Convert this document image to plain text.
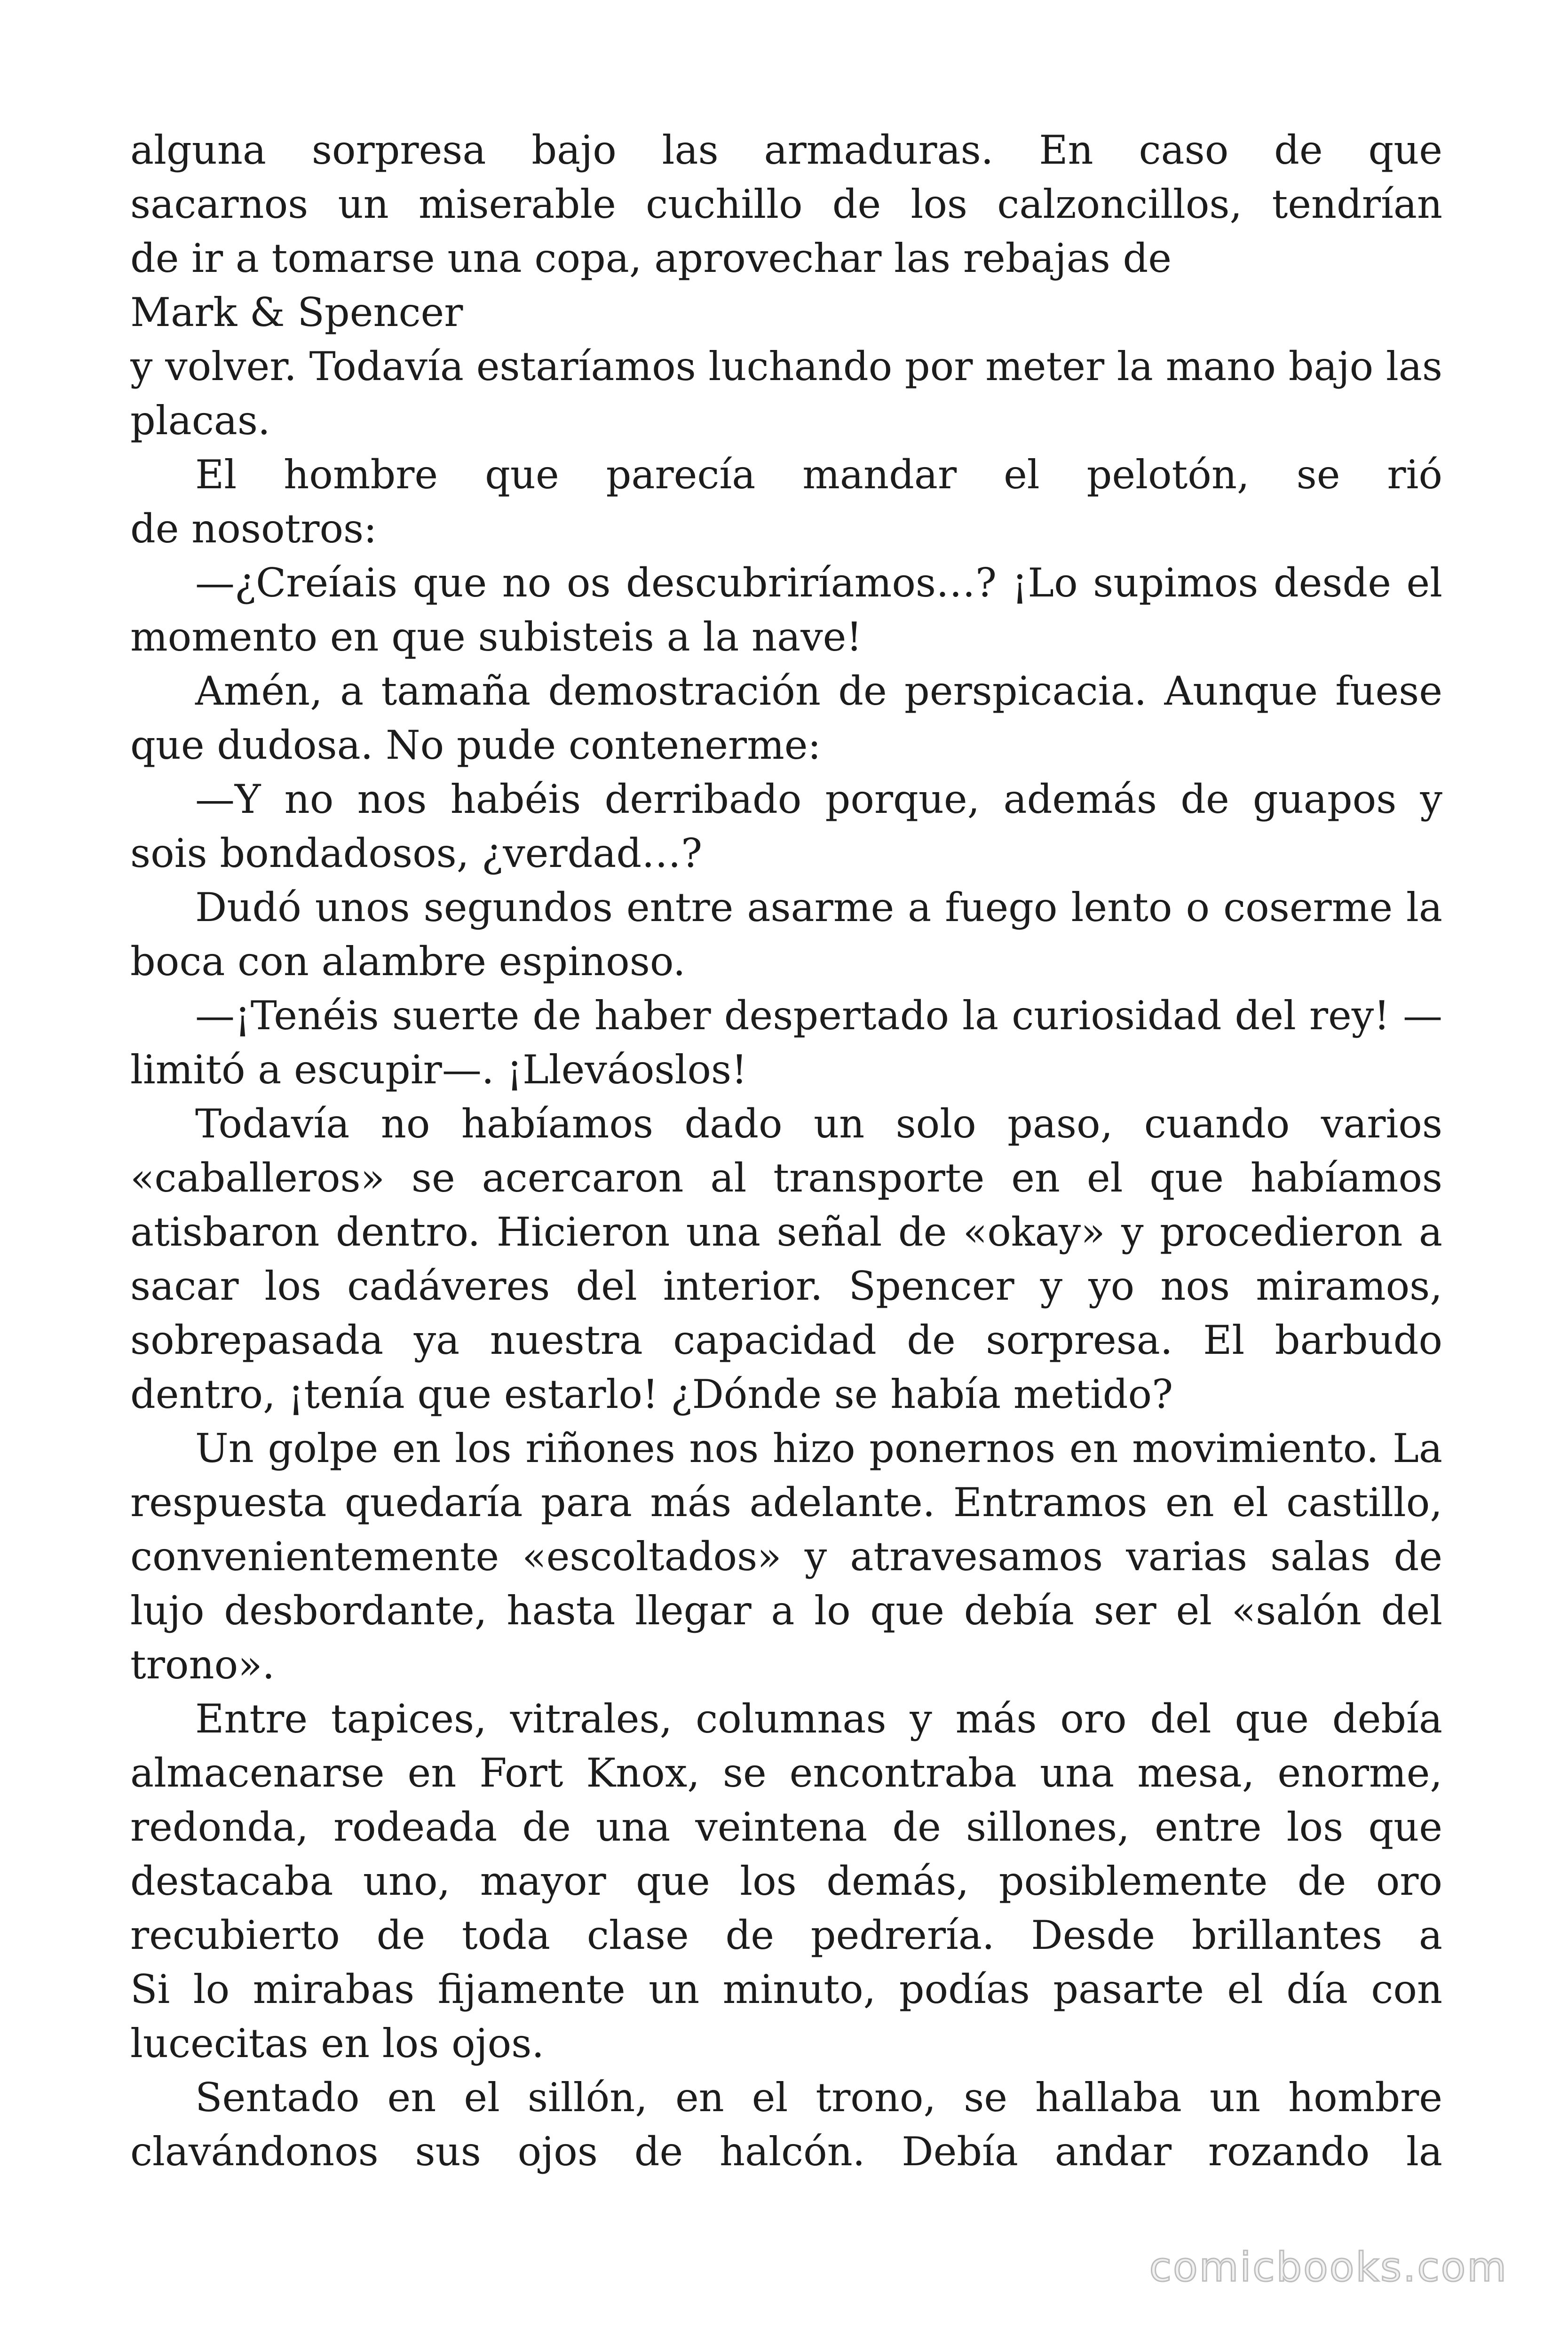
alguna sorpresa bajo las armaduras. En caso de que
sacarnos un miserable cuchillo de los calzoncillos, tendrían
de ir a tomarse una copa, aprovechar las rebajas de
Mark & Spencer
y volver. Todavía estaríamos luchando por meter la mano bajo las
placas.
El hombre que parecía mandar el pelotón, se rió
de nosotros:
—¿Creíais que no os descubriríamos…? ¡Lo supimos desde el
momento en que subisteis a la nave!
Amén, a tamaña demostración de perspicacia. Aunque fuese
que dudosa. No pude contenerme:
—Y no nos habéis derribado porque, además de guapos y
sois bondadosos, ¿verdad…?
Dudó unos segundos entre asarme a fuego lento o coserme la
boca con alambre espinoso.
—¡Tenéis suerte de haber despertado la curiosidad del rey! —
limitó a escupir—. ¡Lleváoslos!
Todavía no habíamos dado un solo paso, cuando varios
«caballeros» se acercaron al transporte en el que habíamos
atisbaron dentro. Hicieron una señal de «okay» y procedieron a
sacar los cadáveres del interior. Spencer y yo nos miramos,
sobrepasada ya nuestra capacidad de sorpresa. El barbudo
dentro, ¡tenía que estarlo! ¿Dónde se había metido?
Un golpe en los riñones nos hizo ponernos en movimiento. La
respuesta quedaría para más adelante. Entramos en el castillo,
convenientemente «escoltados» y atravesamos varias salas de
lujo desbordante, hasta llegar a lo que debía ser el «salón del
trono».
Entre tapices, vitrales, columnas y más oro del que debía
almacenarse en Fort Knox, se encontraba una mesa, enorme,
redonda, rodeada de una veintena de sillones, entre los que
destacaba uno, mayor que los demás, posiblemente de oro
recubierto de toda clase de pedrería. Desde brillantes a
Si lo mirabas fijamente un minuto, podías pasarte el día con
lucecitas en los ojos.
Sentado en el sillón, en el trono, se hallaba un hombre
clavándonos sus ojos de halcón. Debía andar rozando la
comicbooks.com
